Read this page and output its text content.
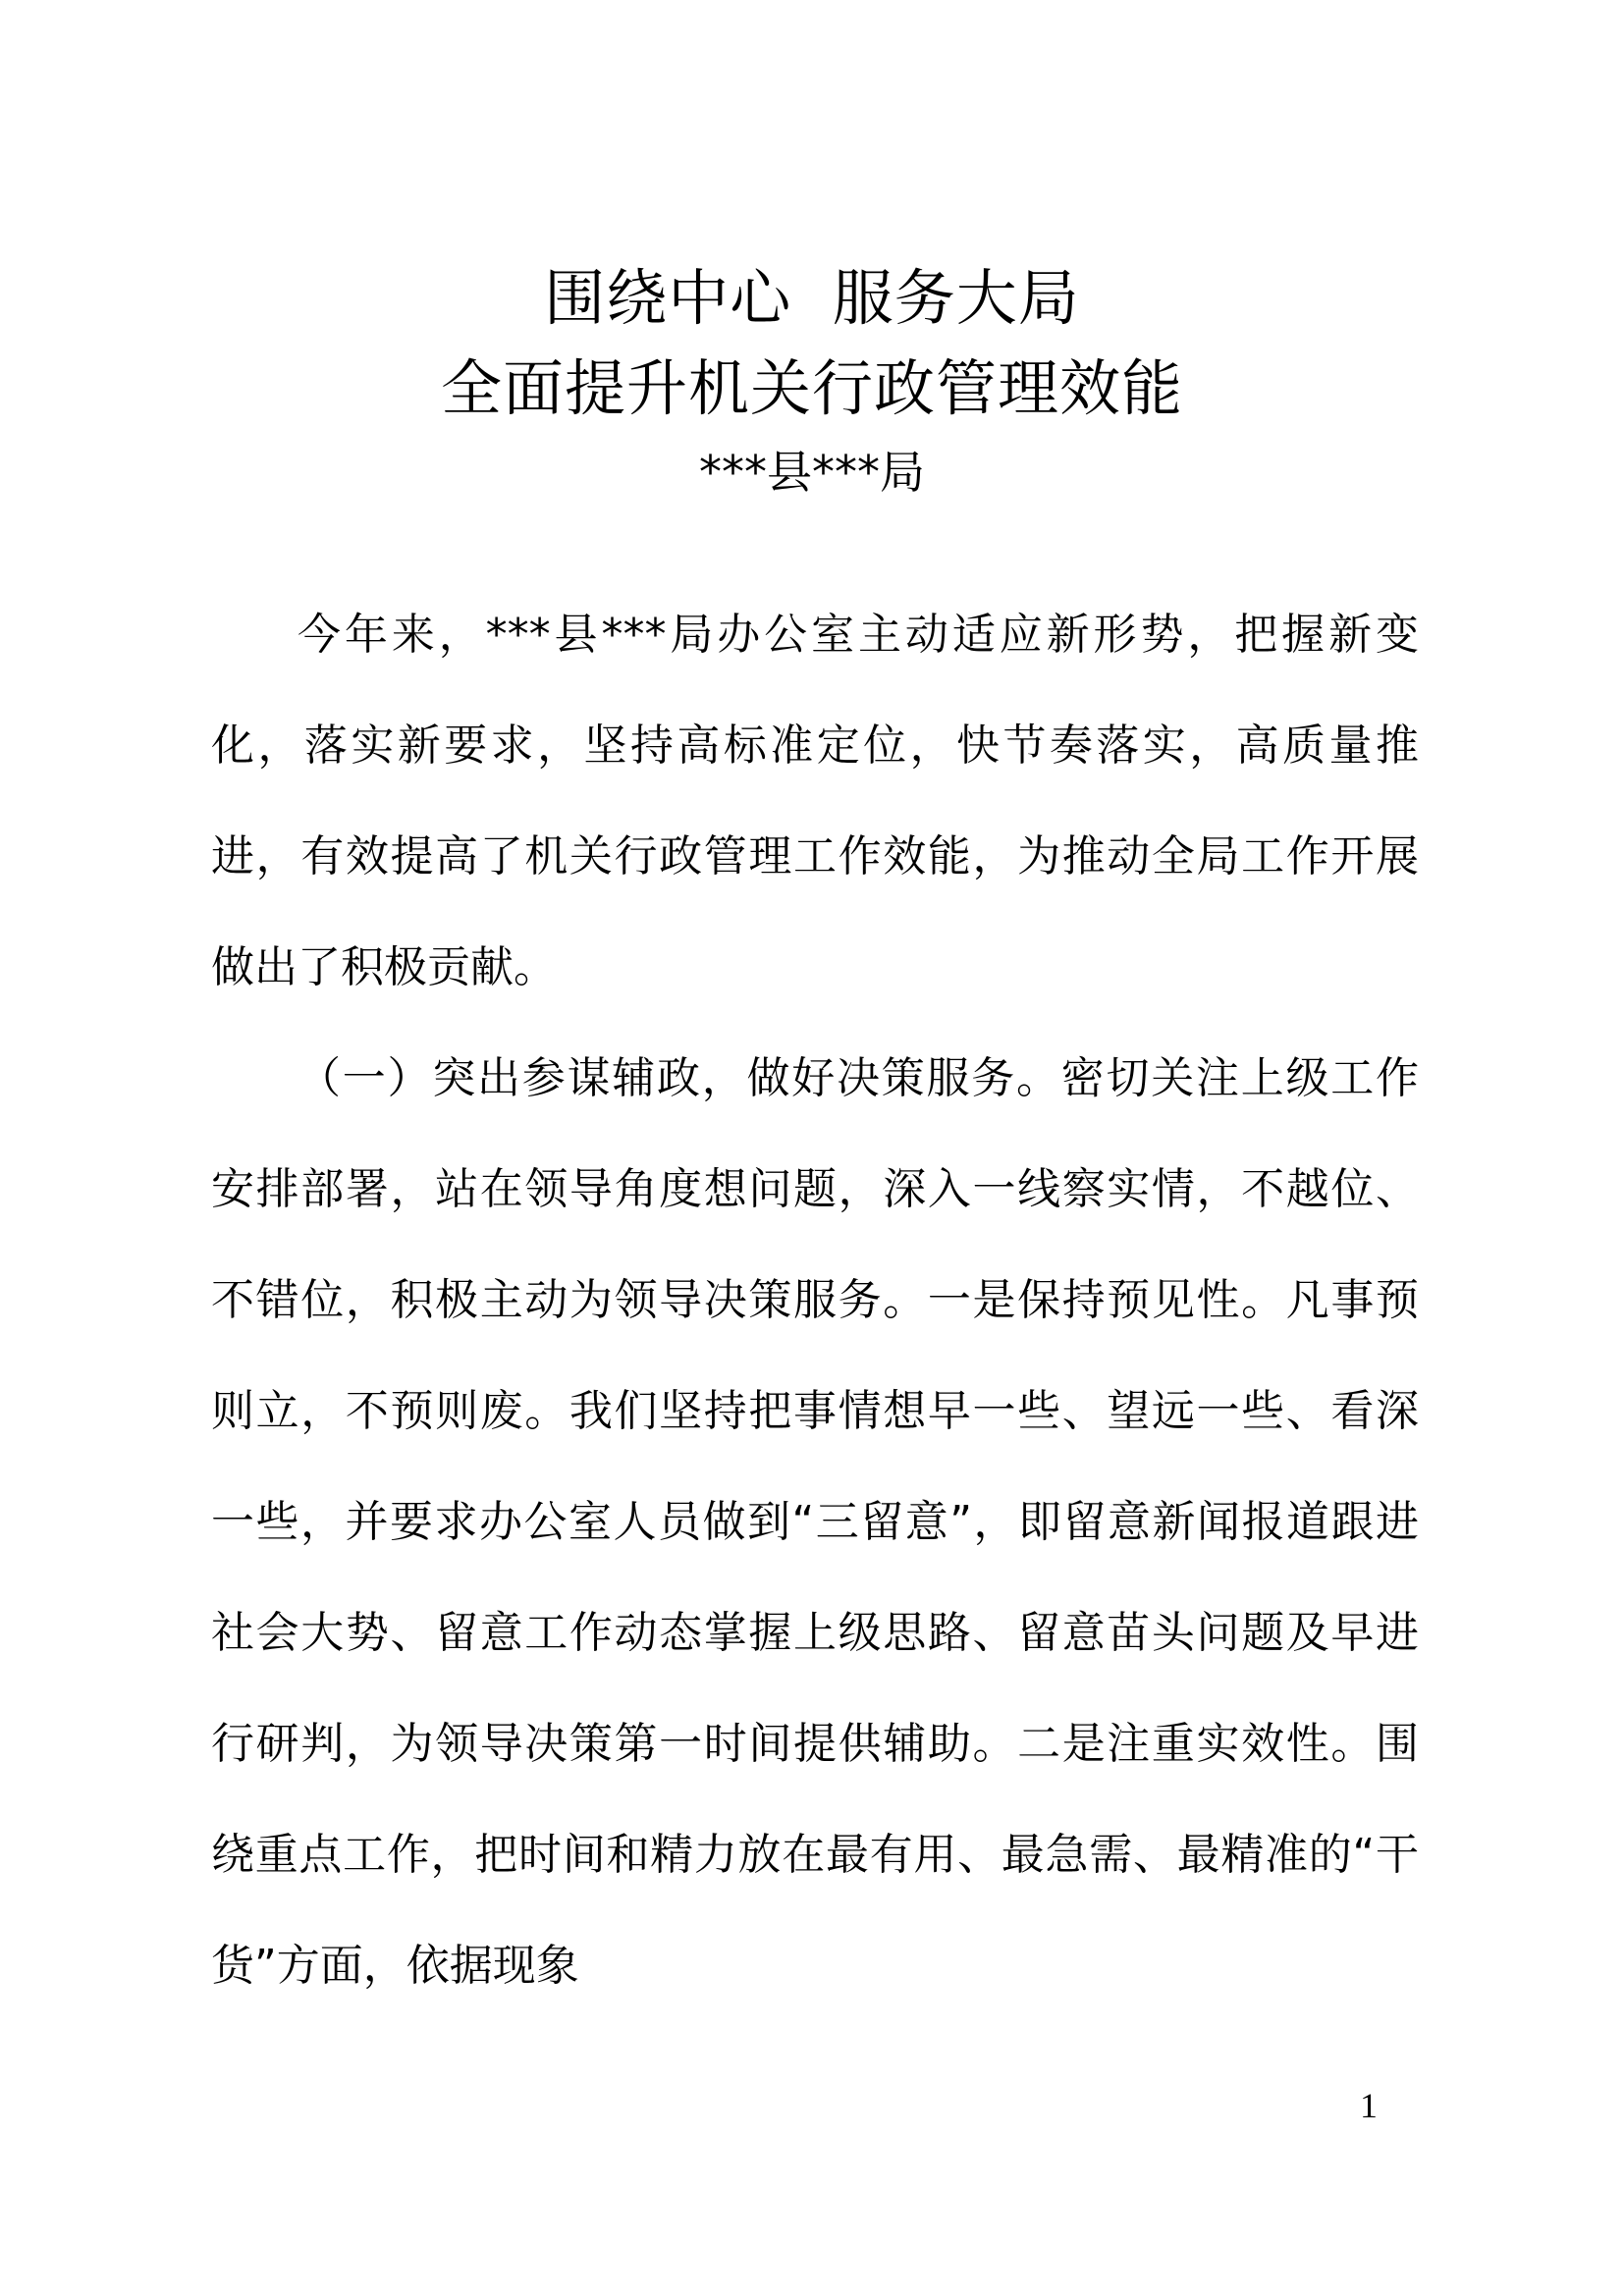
围绕中心  服务大局
全面提升机关行政管理效能
***县***局

今年来，***县***局办公室主动适应新形势，把握新变化，落实新要求，坚持高标准定位，快节奏落实，高质量推进，有效提高了机关行政管理工作效能，为推动全局工作开展做出了积极贡献。

（一）突出参谋辅政，做好决策服务。密切关注上级工作安排部署，站在领导角度想问题，深入一线察实情，不越位、不错位，积极主动为领导决策服务。一是保持预见性。凡事预则立，不预则废。我们坚持把事情想早一些、望远一些、看深一些，并要求办公室人员做到“三留意”，即留意新闻报道跟进社会大势、留意工作动态掌握上级思路、留意苗头问题及早进行研判，为领导决策第一时间提供辅助。二是注重实效性。围绕重点工作，把时间和精力放在最有用、最急需、最精准的“干货”方面，依据现象

1
